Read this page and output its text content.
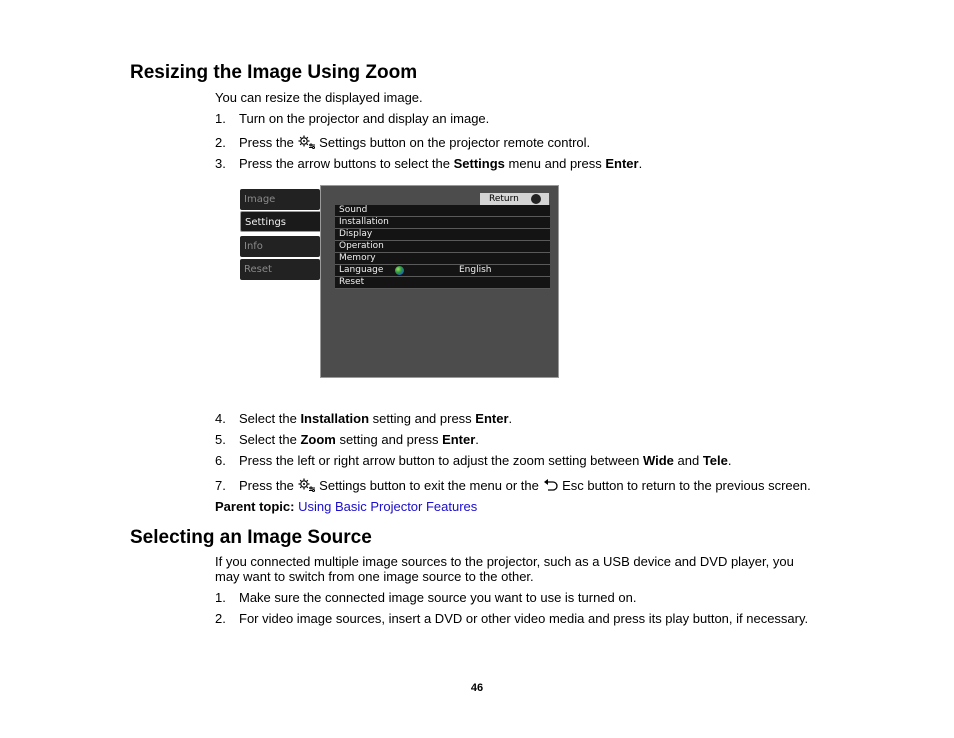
Resizing the Image Using Zoom
You can resize the displayed image.
1. Turn on the projector and display an image.
2. Press the Settings button on the projector remote control.
3. Press the arrow buttons to select the Settings menu and press Enter.
Image
Settings
Info
Reset
Return
Sound
Installation
Display
Operation
Memory
Language	English
Reset
4. Select the Installation setting and press Enter.
5. Select the Zoom setting and press Enter.
6. Press the left or right arrow button to adjust the zoom setting between Wide and Tele.
7. Press the Settings button to exit the menu or the Esc button to return to the previous screen.
Parent topic: Using Basic Projector Features
Selecting an Image Source
If you connected multiple image sources to the projector, such as a USB device and DVD player, you
may want to switch from one image source to the other.
1. Make sure the connected image source you want to use is turned on.
2. For video image sources, insert a DVD or other video media and press its play button, if necessary.
46
